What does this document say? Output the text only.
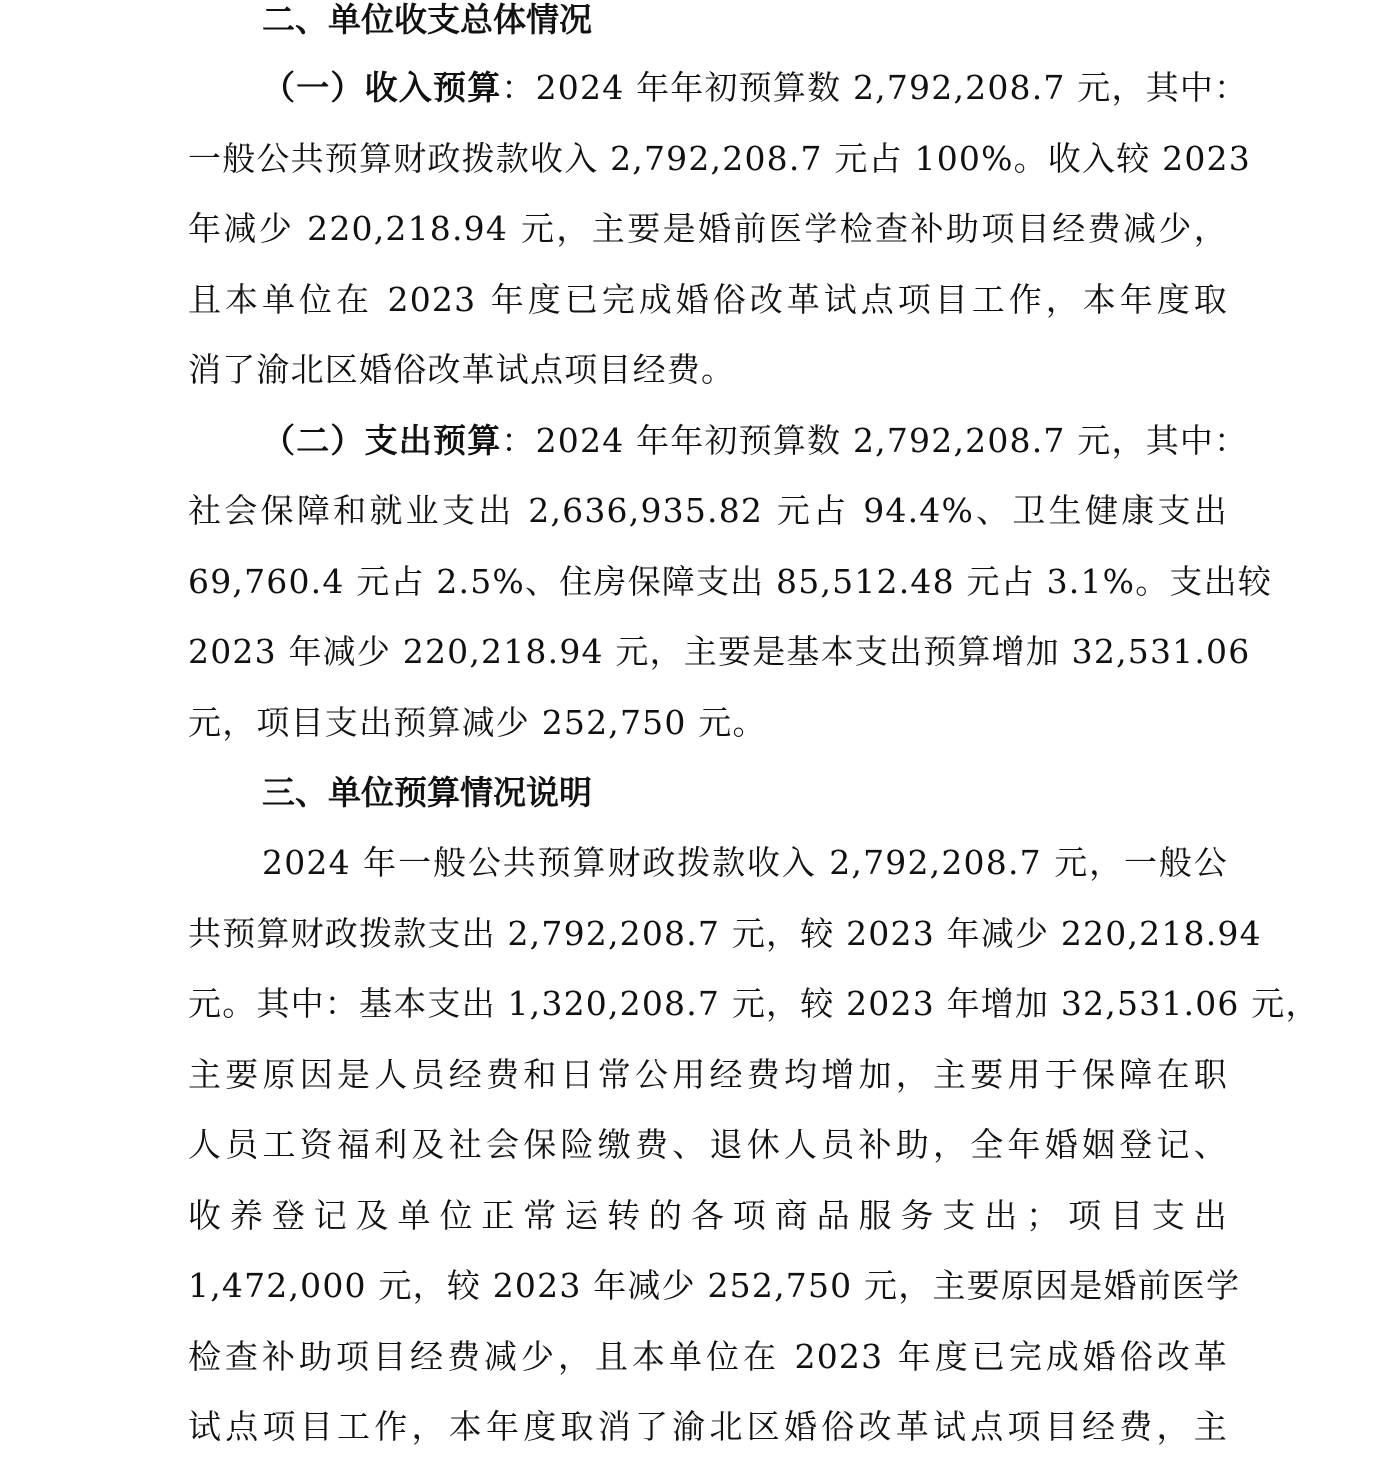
二、单位收支总体情况
（一）收入预算：2024 年年初预算数 2,792,208.7 元，其中：
一般公共预算财政拨款收入 2,792,208.7 元占 100%。收入较 2023
年减少 220,218.94 元，主要是婚前医学检查补助项目经费减少，
且本单位在 2023 年度已完成婚俗改革试点项目工作，本年度取
消了渝北区婚俗改革试点项目经费。
（二）支出预算：2024 年年初预算数 2,792,208.7 元，其中：
社会保障和就业支出 2,636,935.82 元占 94.4%、卫生健康支出
69,760.4 元占 2.5%、住房保障支出 85,512.48 元占 3.1%。支出较
2023 年减少 220,218.94 元，主要是基本支出预算增加 32,531.06
元，项目支出预算减少 252,750 元。
三、单位预算情况说明
2024 年一般公共预算财政拨款收入 2,792,208.7 元，一般公
共预算财政拨款支出 2,792,208.7 元，较 2023 年减少 220,218.94
元。其中：基本支出 1,320,208.7 元，较 2023 年增加 32,531.06 元，
主要原因是人员经费和日常公用经费均增加，主要用于保障在职
人员工资福利及社会保险缴费、退休人员补助，全年婚姻登记、
收养登记及单位正常运转的各项商品服务支出；项目支出
1,472,000 元，较 2023 年减少 252,750 元，主要原因是婚前医学
检查补助项目经费减少，且本单位在 2023 年度已完成婚俗改革
试点项目工作，本年度取消了渝北区婚俗改革试点项目经费，主
